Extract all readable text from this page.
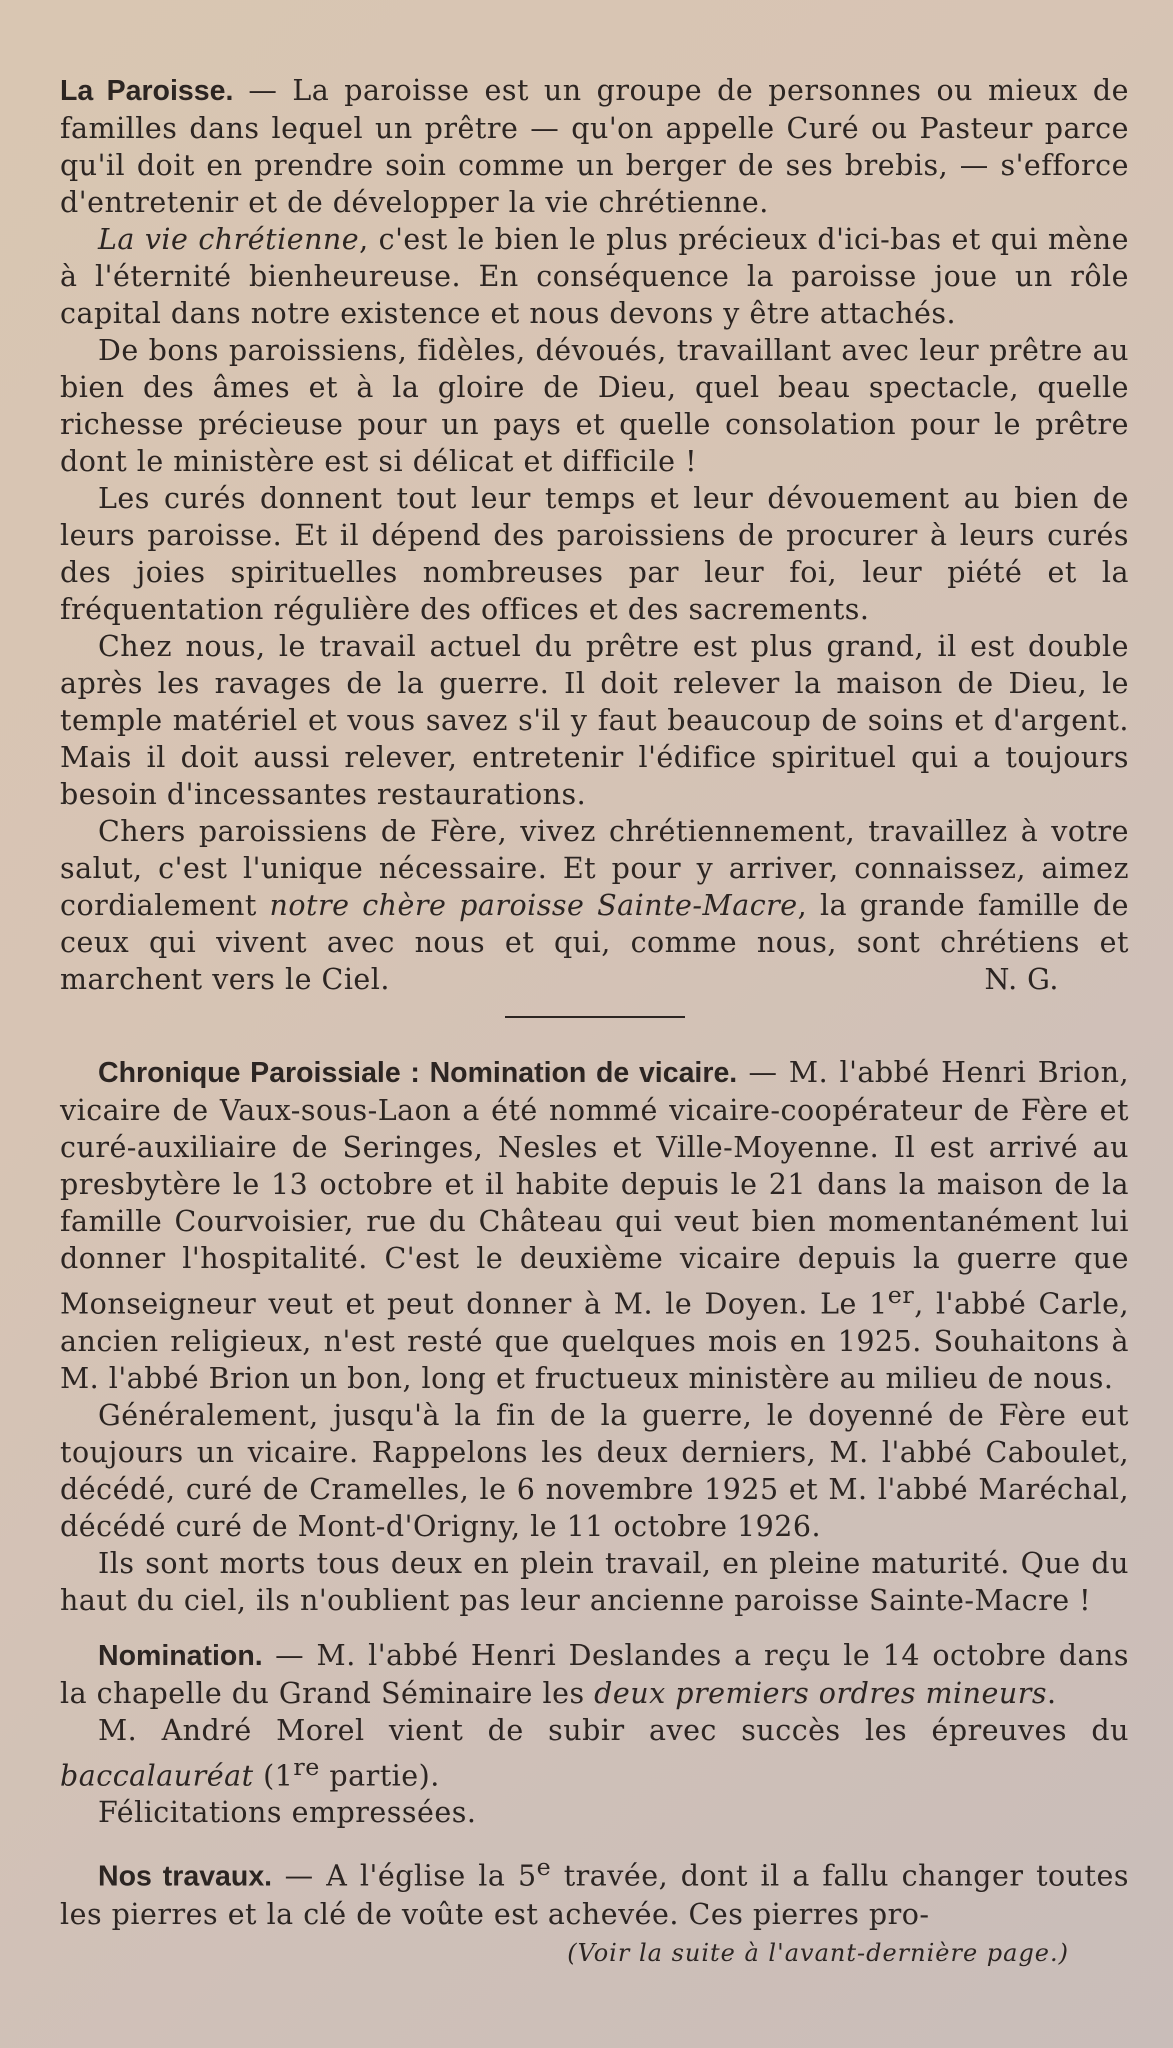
La Paroisse. — La paroisse est un groupe de personnes ou mieux de familles dans lequel un prêtre — qu'on appelle Curé ou Pasteur parce qu'il doit en prendre soin comme un berger de ses brebis, — s'efforce d'entretenir et de développer la vie chrétienne.

La vie chrétienne, c'est le bien le plus précieux d'ici-bas et qui mène à l'éternité bienheureuse. En conséquence la paroisse joue un rôle capital dans notre existence et nous devons y être attachés.

De bons paroissiens, fidèles, dévoués, travaillant avec leur prêtre au bien des âmes et à la gloire de Dieu, quel beau spectacle, quelle richesse précieuse pour un pays et quelle consolation pour le prêtre dont le ministère est si délicat et difficile !

Les curés donnent tout leur temps et leur dévouement au bien de leurs paroisse. Et il dépend des paroissiens de procurer à leurs curés des joies spirituelles nombreuses par leur foi, leur piété et la fréquentation régulière des offices et des sacrements.

Chez nous, le travail actuel du prêtre est plus grand, il est double après les ravages de la guerre. Il doit relever la maison de Dieu, le temple matériel et vous savez s'il y faut beaucoup de soins et d'argent. Mais il doit aussi relever, entretenir l'édifice spirituel qui a toujours besoin d'incessantes restaurations.

Chers paroissiens de Fère, vivez chrétiennement, travaillez à votre salut, c'est l'unique nécessaire. Et pour y arriver, connaissez, aimez cordialement notre chère paroisse Sainte-Macre, la grande famille de ceux qui vivent avec nous et qui, comme nous, sont chrétiens et marchent vers le Ciel.	N. G.

Chronique Paroissiale : Nomination de vicaire. — M. l'abbé Henri Brion, vicaire de Vaux-sous-Laon a été nommé vicaire-coopérateur de Fère et curé-auxiliaire de Seringes, Nesles et Ville-Moyenne. Il est arrivé au presbytère le 13 octobre et il habite depuis le 21 dans la maison de la famille Courvoisier, rue du Château qui veut bien momentanément lui donner l'hospitalité. C'est le deuxième vicaire depuis la guerre que Monseigneur veut et peut donner à M. le Doyen. Le 1er, l'abbé Carle, ancien religieux, n'est resté que quelques mois en 1925. Souhaitons à M. l'abbé Brion un bon, long et fructueux ministère au milieu de nous.

Généralement, jusqu'à la fin de la guerre, le doyenné de Fère eut toujours un vicaire. Rappelons les deux derniers, M. l'abbé Caboulet, décédé, curé de Cramelles, le 6 novembre 1925 et M. l'abbé Maréchal, décédé curé de Mont-d'Origny, le 11 octobre 1926.

Ils sont morts tous deux en plein travail, en pleine maturité. Que du haut du ciel, ils n'oublient pas leur ancienne paroisse Sainte-Macre !

Nomination. — M. l'abbé Henri Deslandes a reçu le 14 octobre dans la chapelle du Grand Séminaire les deux premiers ordres mineurs.

M. André Morel vient de subir avec succès les épreuves du baccalauréat (1re partie).

Félicitations empressées.

Nos travaux. — A l'église la 5e travée, dont il a fallu changer toutes les pierres et la clé de voûte est achevée. Ces pierres pro-

(Voir la suite à l'avant-dernière page.)
